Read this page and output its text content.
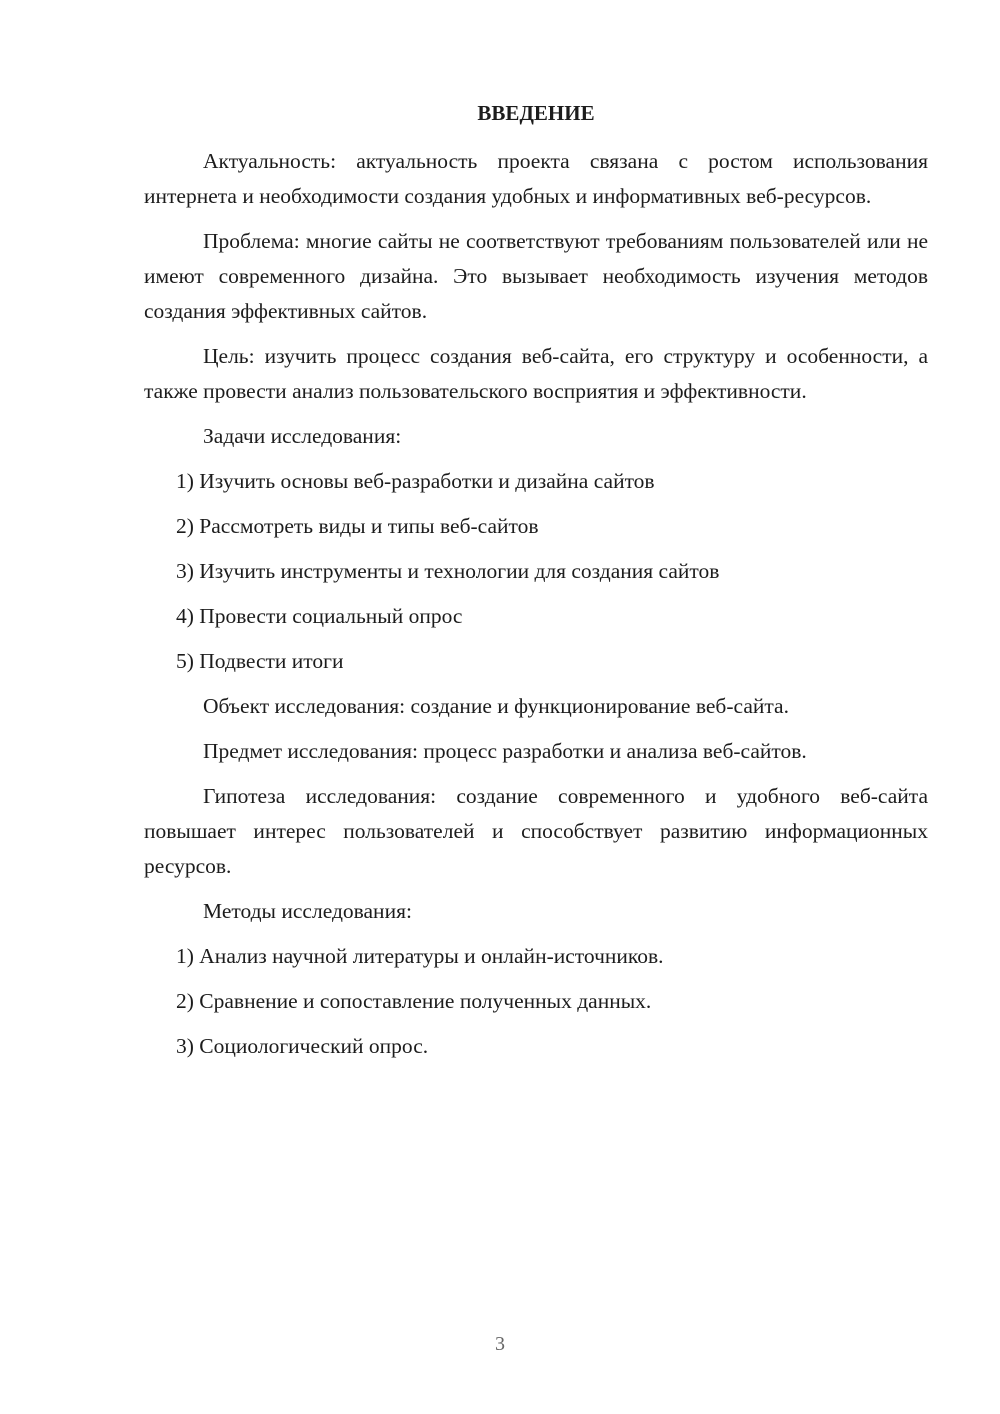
ВВЕДЕНИЕ

Актуальность: актуальность проекта связана с ростом использования интернета и необходимости создания удобных и информативных веб-ресурсов.

Проблема: многие сайты не соответствуют требованиям пользователей или не имеют современного дизайна. Это вызывает необходимость изучения методов создания эффективных сайтов.

Цель: изучить процесс создания веб-сайта, его структуру и особенности, а также провести анализ пользовательского восприятия и эффективности.

Задачи исследования:

1) Изучить основы веб-разработки и дизайна сайтов

2) Рассмотреть виды и типы веб-сайтов

3) Изучить инструменты и технологии для создания сайтов

4) Провести социальный опрос

5) Подвести итоги

Объект исследования: создание и функционирование веб-сайта.

Предмет исследования: процесс разработки и анализа веб-сайтов.

Гипотеза исследования: создание современного и удобного веб-сайта повышает интерес пользователей и способствует развитию информационных ресурсов.

Методы исследования:

1) Анализ научной литературы и онлайн-источников.

2) Сравнение и сопоставление полученных данных.

3) Социологический опрос.

3
